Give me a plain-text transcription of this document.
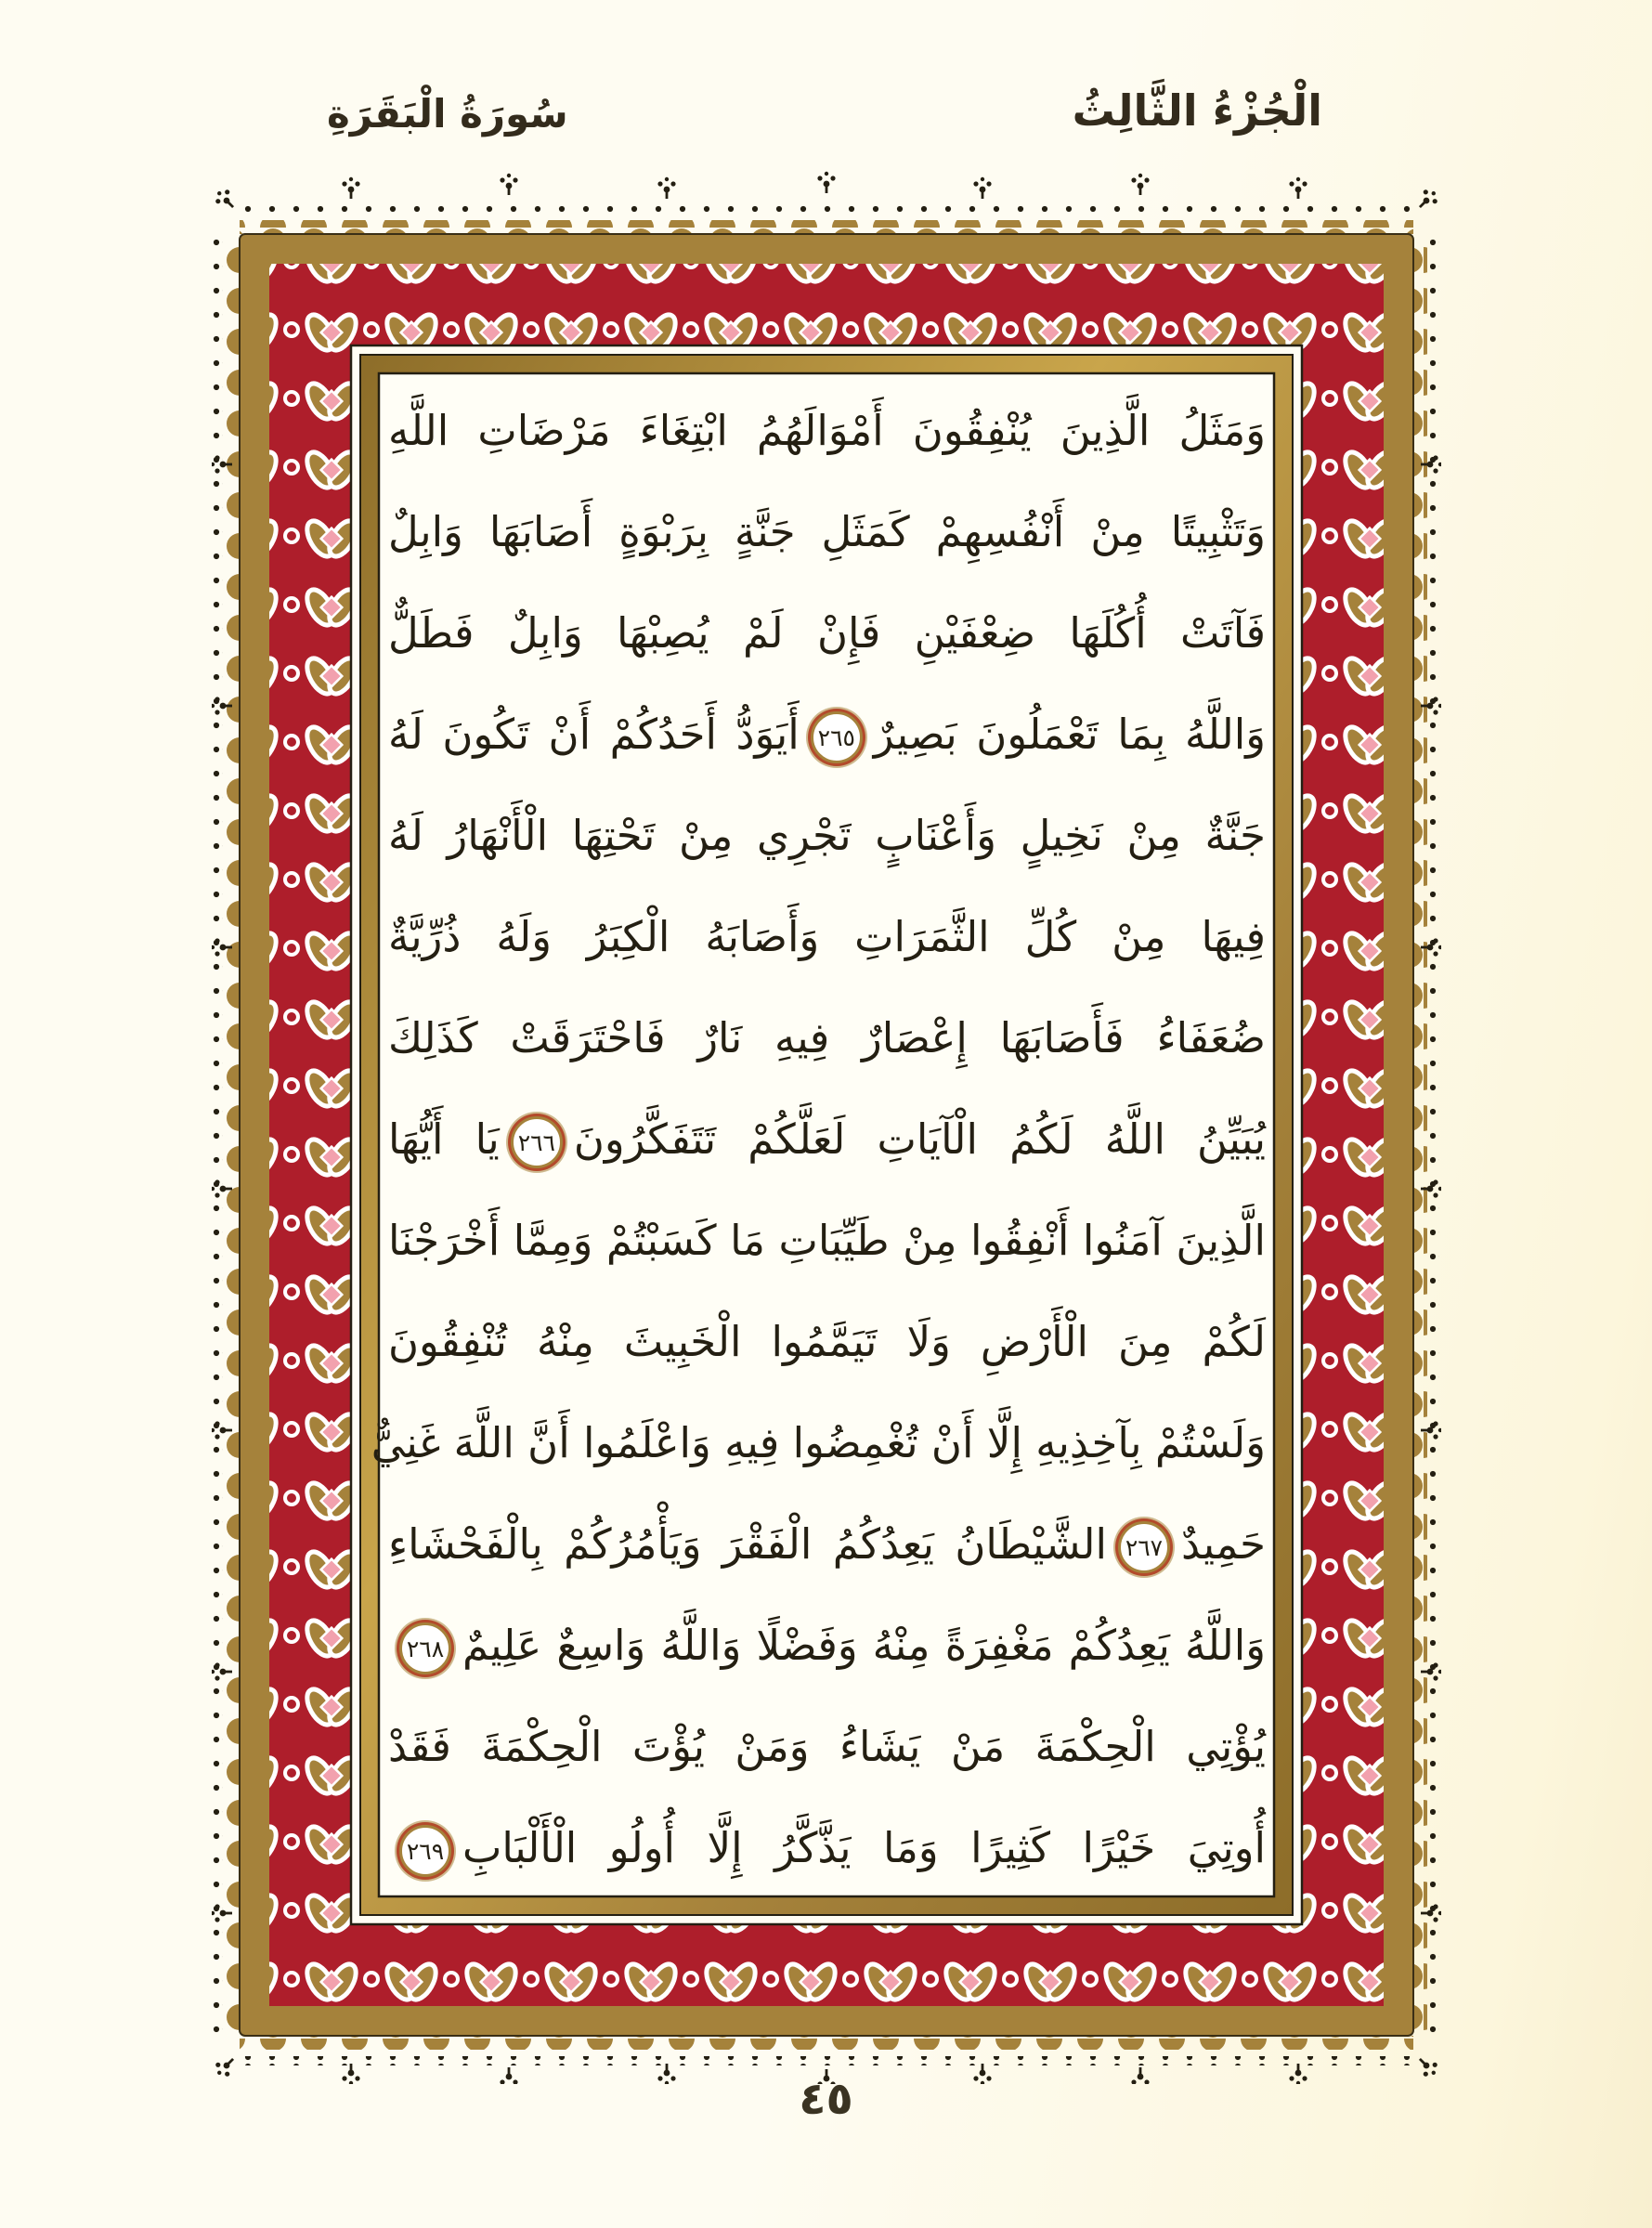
الْجُزْءُ الثَّالِثُ
سُورَةُ الْبَقَرَةِ
وَمَثَلُ الَّذِينَ يُنْفِقُونَ أَمْوَالَهُمُ ابْتِغَاءَ مَرْضَاتِ اللَّهِ
وَتَثْبِيتًا مِنْ أَنْفُسِهِمْ كَمَثَلِ جَنَّةٍ بِرَبْوَةٍ أَصَابَهَا وَابِلٌ
فَآتَتْ أُكُلَهَا ضِعْفَيْنِ فَإِنْ لَمْ يُصِبْهَا وَابِلٌ فَطَلٌّ
وَاللَّهُ بِمَا تَعْمَلُونَ بَصِيرٌ٢٦٥أَيَوَدُّ أَحَدُكُمْ أَنْ تَكُونَ لَهُ
جَنَّةٌ مِنْ نَخِيلٍ وَأَعْنَابٍ تَجْرِي مِنْ تَحْتِهَا الْأَنْهَارُ لَهُ
فِيهَا مِنْ كُلِّ الثَّمَرَاتِ وَأَصَابَهُ الْكِبَرُ وَلَهُ ذُرِّيَّةٌ
ضُعَفَاءُ فَأَصَابَهَا إِعْصَارٌ فِيهِ نَارٌ فَاحْتَرَقَتْ كَذَلِكَ
يُبَيِّنُ اللَّهُ لَكُمُ الْآيَاتِ لَعَلَّكُمْ تَتَفَكَّرُونَ٢٦٦يَا أَيُّهَا
الَّذِينَ آمَنُوا أَنْفِقُوا مِنْ طَيِّبَاتِ مَا كَسَبْتُمْ وَمِمَّا أَخْرَجْنَا
لَكُمْ مِنَ الْأَرْضِ وَلَا تَيَمَّمُوا الْخَبِيثَ مِنْهُ تُنْفِقُونَ
وَلَسْتُمْ بِآخِذِيهِ إِلَّا أَنْ تُغْمِضُوا فِيهِ وَاعْلَمُوا أَنَّ اللَّهَ غَنِيٌّ
حَمِيدٌ٢٦٧الشَّيْطَانُ يَعِدُكُمُ الْفَقْرَ وَيَأْمُرُكُمْ بِالْفَحْشَاءِ
وَاللَّهُ يَعِدُكُمْ مَغْفِرَةً مِنْهُ وَفَضْلًا وَاللَّهُ وَاسِعٌ عَلِيمٌ٢٦٨
يُؤْتِي الْحِكْمَةَ مَنْ يَشَاءُ وَمَنْ يُؤْتَ الْحِكْمَةَ فَقَدْ
أُوتِيَ خَيْرًا كَثِيرًا وَمَا يَذَّكَّرُ إِلَّا أُولُو الْأَلْبَابِ٢٦٩
٤٥
